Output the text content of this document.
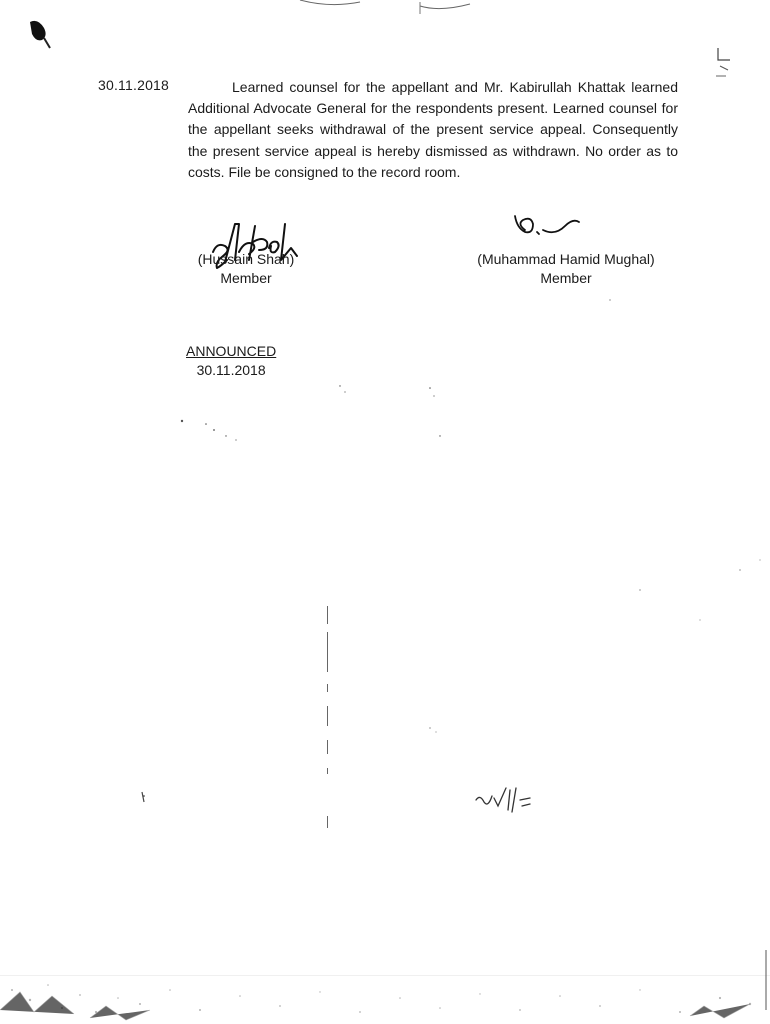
30.11.2018	Learned counsel for the appellant and Mr. Kabirullah Khattak learned Additional Advocate General for the respondents present. Learned counsel for the appellant seeks withdrawal of the present service appeal. Consequently the present service appeal is hereby dismissed as withdrawn. No order as to costs. File be consigned to the record room.

(Hussain Shah)
Member
(Muhammad Hamid Mughal)
Member
ANNOUNCED
30.11.2018
